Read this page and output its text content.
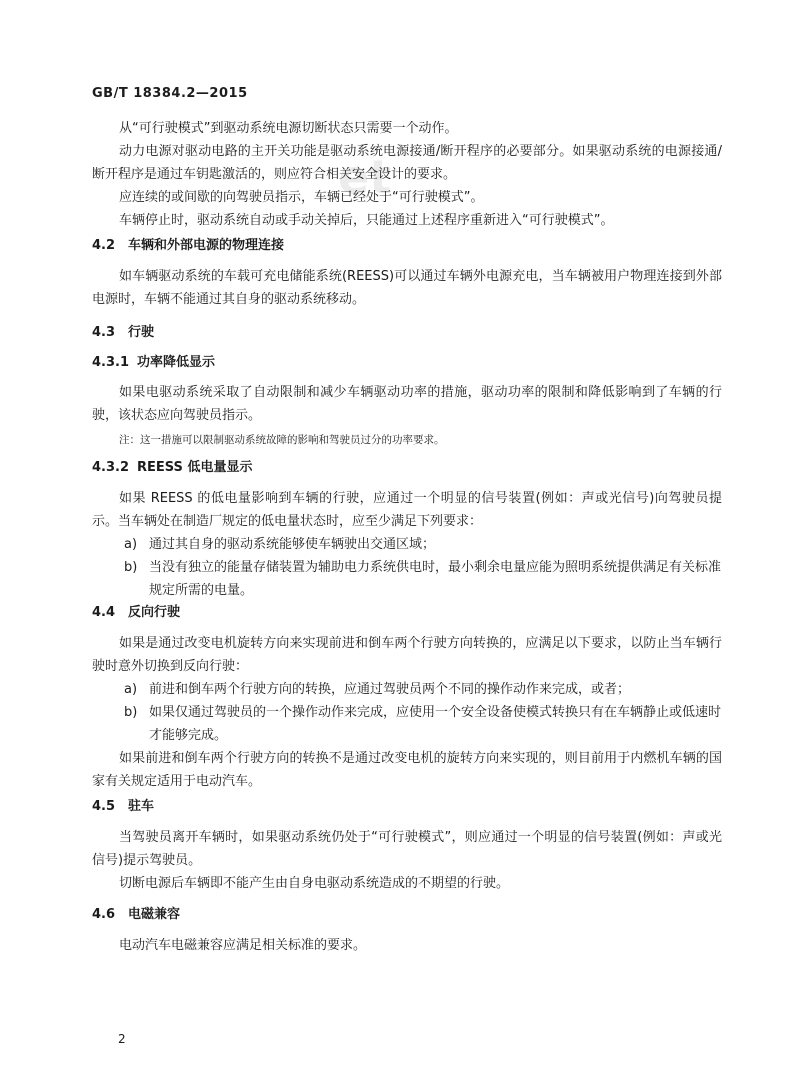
et
GB/T 18384.2—2015

从“可行驶模式”到驱动系统电源切断状态只需要一个动作。

动力电源对驱动电路的主开关功能是驱动系统电源接通/断开程序的必要部分。如果驱动系统的电源接通/断开程序是通过车钥匙激活的，则应符合相关安全设计的要求。

应连续的或间歇的向驾驶员指示，车辆已经处于“可行驶模式”。

车辆停止时，驱动系统自动或手动关掉后，只能通过上述程序重新进入“可行驶模式”。

4.2 车辆和外部电源的物理连接

如车辆驱动系统的车载可充电储能系统(REESS)可以通过车辆外电源充电，当车辆被用户物理连接到外部电源时，车辆不能通过其自身的驱动系统移动。

4.3 行驶

4.3.1 功率降低显示

如果电驱动系统采取了自动限制和减少车辆驱动功率的措施，驱动功率的限制和降低影响到了车辆的行驶，该状态应向驾驶员指示。

注：这一措施可以限制驱动系统故障的影响和驾驶员过分的功率要求。

4.3.2 REESS 低电量显示

如果 REESS 的低电量影响到车辆的行驶，应通过一个明显的信号装置(例如：声或光信号)向驾驶员提示。当车辆处在制造厂规定的低电量状态时，应至少满足下列要求：

a) 通过其自身的驱动系统能够使车辆驶出交通区域；

b) 当没有独立的能量存储装置为辅助电力系统供电时，最小剩余电量应能为照明系统提供满足有关标准规定所需的电量。

4.4 反向行驶

如果是通过改变电机旋转方向来实现前进和倒车两个行驶方向转换的，应满足以下要求，以防止当车辆行驶时意外切换到反向行驶：

a) 前进和倒车两个行驶方向的转换，应通过驾驶员两个不同的操作动作来完成，或者；

b) 如果仅通过驾驶员的一个操作动作来完成，应使用一个安全设备使模式转换只有在车辆静止或低速时才能够完成。

如果前进和倒车两个行驶方向的转换不是通过改变电机的旋转方向来实现的，则目前用于内燃机车辆的国家有关规定适用于电动汽车。

4.5 驻车

当驾驶员离开车辆时，如果驱动系统仍处于“可行驶模式”，则应通过一个明显的信号装置(例如：声或光信号)提示驾驶员。

切断电源后车辆即不能产生由自身电驱动系统造成的不期望的行驶。

4.6 电磁兼容

电动汽车电磁兼容应满足相关标准的要求。

2
